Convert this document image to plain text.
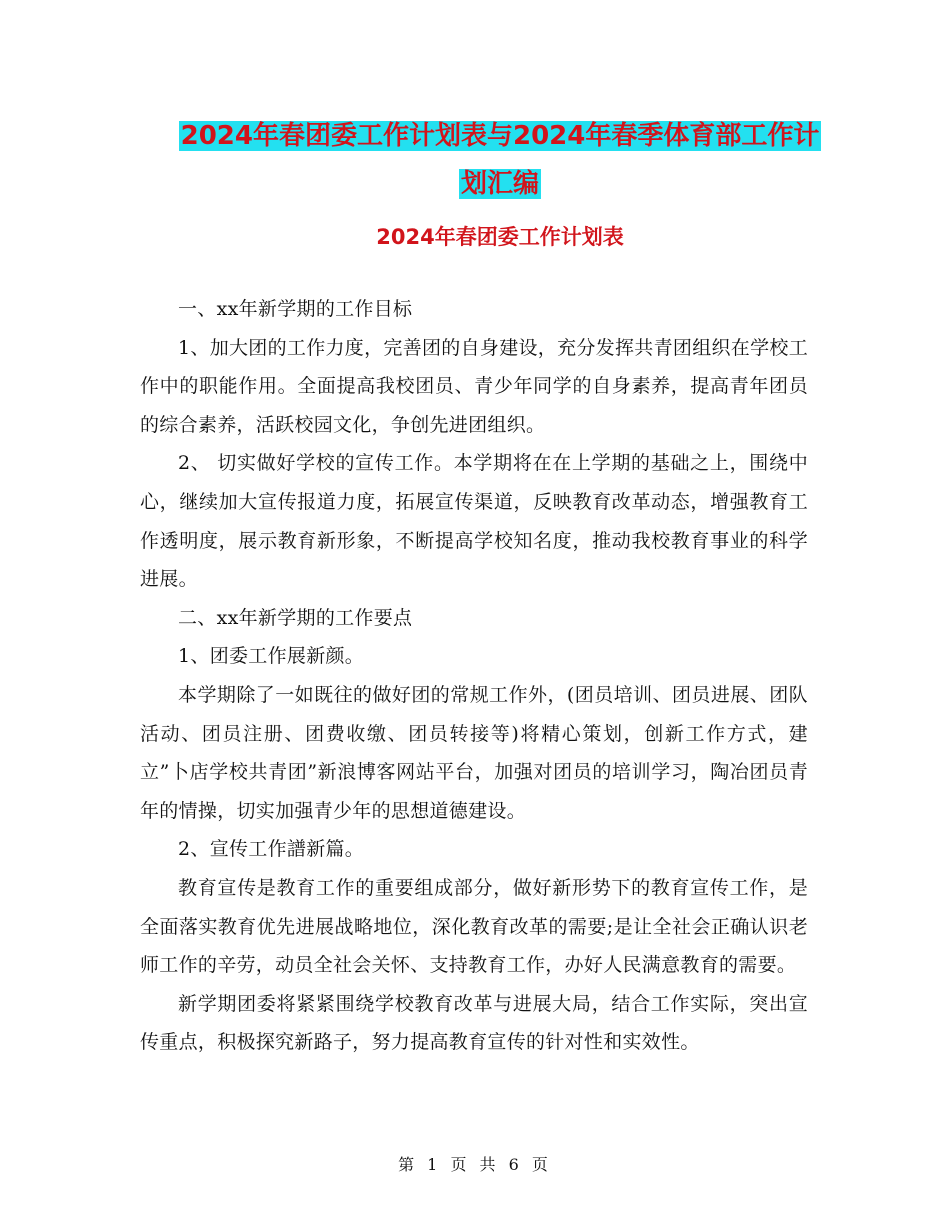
2024年春团委工作计划表与2024年春季体育部工作计
划汇编
2024年春团委工作计划表

一、xx年新学期的工作目标

1、加大团的工作力度，完善团的自身建设，充分发挥共青团组织在学校工作中的职能作用。全面提高我校团员、青少年同学的自身素养，提高青年团员的综合素养，活跃校园文化，争创先进团组织。

2、 切实做好学校的宣传工作。本学期将在在上学期的基础之上，围绕中心，继续加大宣传报道力度，拓展宣传渠道，反映教育改革动态，增强教育工作透明度，展示教育新形象，不断提高学校知名度，推动我校教育事业的科学进展。

二、xx年新学期的工作要点

1、团委工作展新颜。

本学期除了一如既往的做好团的常规工作外，(团员培训、团员进展、团队活动、团员注册、团费收缴、团员转接等)将精心策划，创新工作方式，建立”卜店学校共青团”新浪博客网站平台，加强对团员的培训学习，陶冶团员青年的情操，切实加强青少年的思想道德建设。

2、宣传工作譜新篇。

教育宣传是教育工作的重要组成部分，做好新形势下的教育宣传工作，是全面落实教育优先进展战略地位，深化教育改革的需要;是让全社会正确认识老师工作的辛劳，动员全社会关怀、支持教育工作，办好人民满意教育的需要。

新学期团委将紧紧围绕学校教育改革与进展大局，结合工作实际，突出宣传重点，积极探究新路子，努力提高教育宣传的针对性和实效性。

第 1 页 共 6 页
